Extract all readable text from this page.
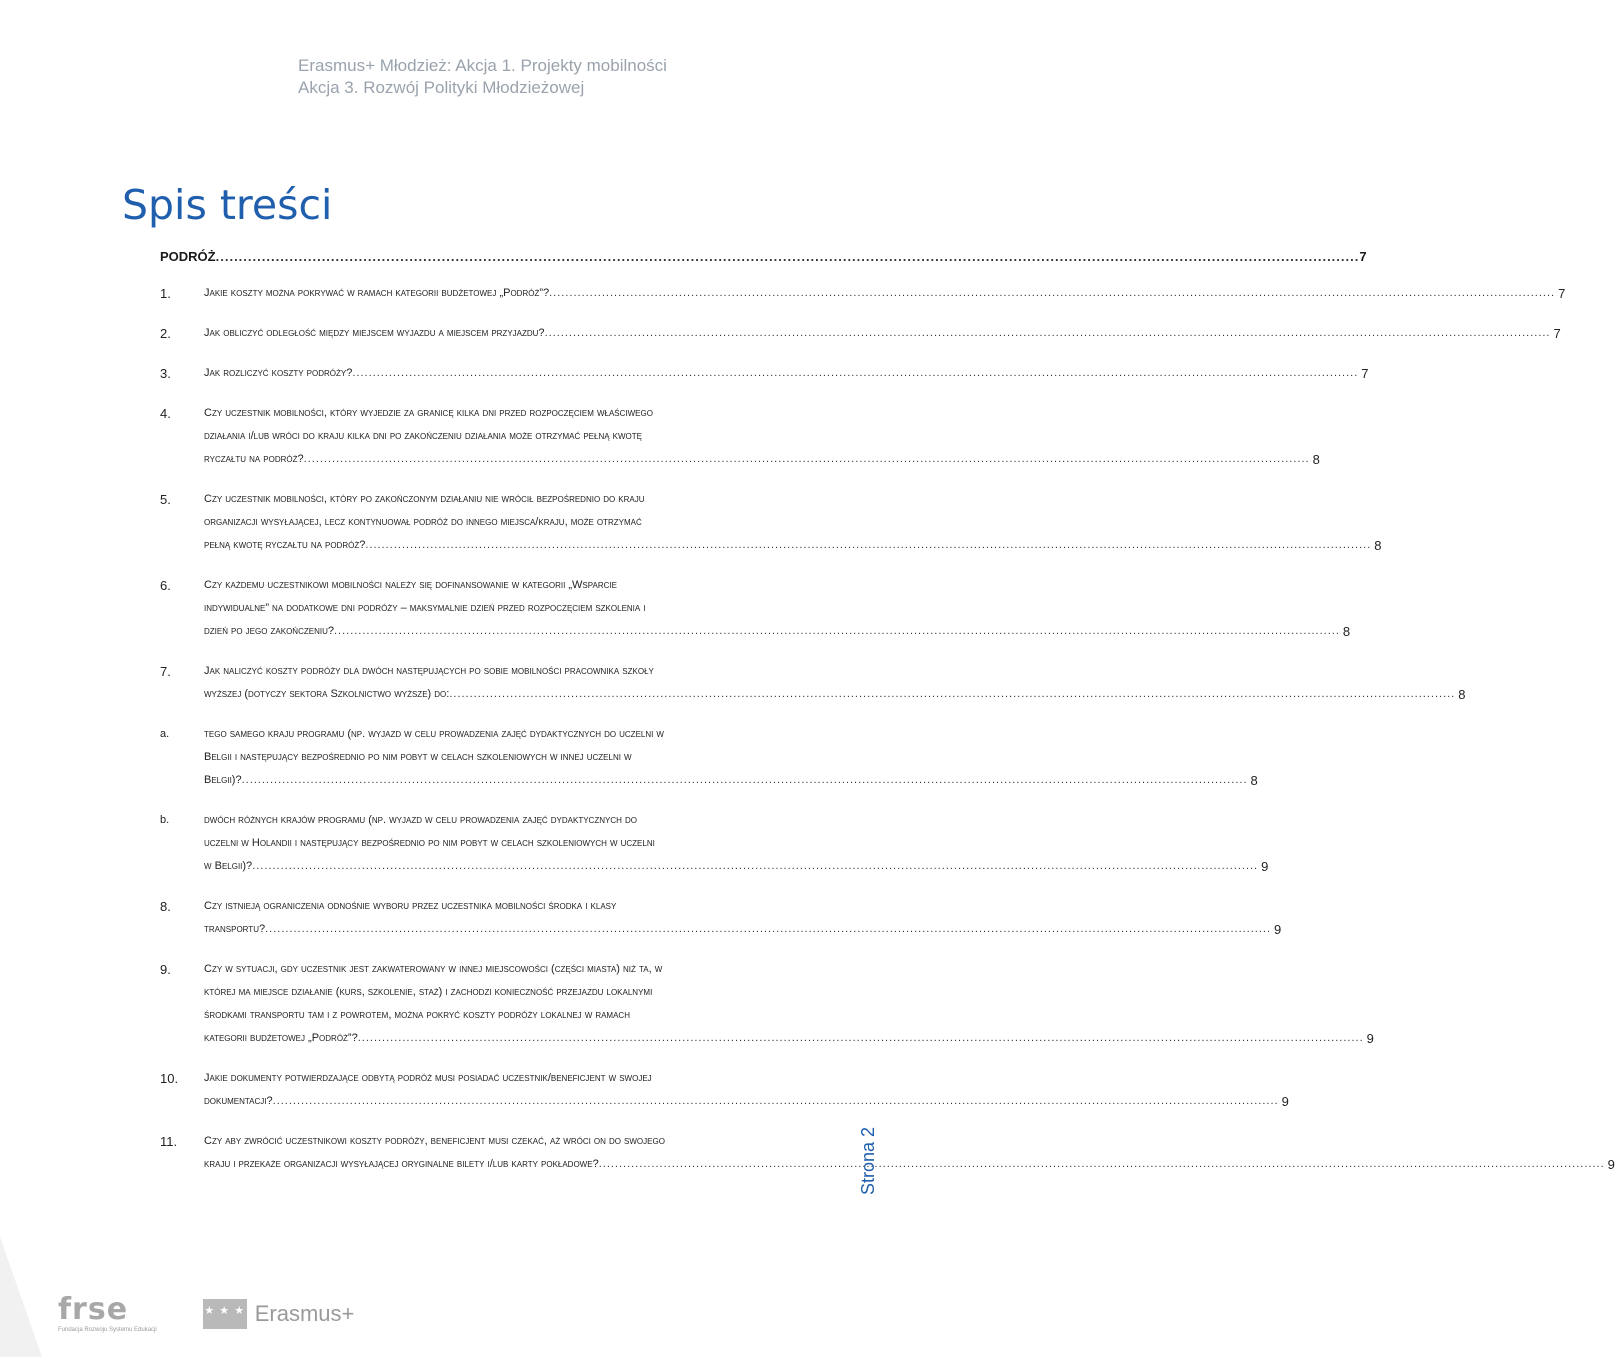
Erasmus+ Młodzież: Akcja 1. Projekty mobilności
Akcja 3. Rozwój Polityki Młodzieżowej
Spis treści
PODRÓŻ .....	7
1.	Jakie koszty można pokrywać w ramach kategorii budżetowej „Podróż”? .....	7
2.	Jak obliczyć odległość między miejscem wyjazdu a miejscem przyjazdu? .....	7
3.	Jak rozliczyć koszty podróży? .....	7
4.	Czy uczestnik mobilności, który wyjedzie za granicę kilka dni przed rozpoczęciem właściwego
działania i/lub wróci do kraju kilka dni po zakończeniu działania może otrzymać pełną kwotę
ryczałtu na podróż? .....	8
5.	Czy uczestnik mobilności, który po zakończonym działaniu nie wrócił bezpośrednio do kraju
organizacji wysyłającej, lecz kontynuował podróż do innego miejsca/kraju, może otrzymać
pełną kwotę ryczałtu na podróż? .....	8
6.	Czy każdemu uczestnikowi mobilności należy się dofinansowanie w kategorii „Wsparcie
indywidualne” na dodatkowe dni podróży – maksymalnie dzień przed rozpoczęciem szkolenia i
dzień po jego zakończeniu? .....	8
7.	Jak naliczyć koszty podróży dla dwóch następujących po sobie mobilności pracownika szkoły
wyższej (dotyczy sektora Szkolnictwo wyższe) do: .....	8
a.	tego samego kraju programu (np. wyjazd w celu prowadzenia zajęć dydaktycznych do uczelni w
Belgii i następujący bezpośrednio po nim pobyt w celach szkoleniowych w innej uczelni w
Belgii)? .....	8
b.	dwóch różnych krajów programu (np. wyjazd w celu prowadzenia zajęć dydaktycznych do
uczelni w Holandii i następujący bezpośrednio po nim pobyt w celach szkoleniowych w uczelni
w Belgii)? .....	9
8.	Czy istnieją ograniczenia odnośnie wyboru przez uczestnika mobilności środka i klasy
transportu? .....	9
9.	Czy w sytuacji, gdy uczestnik jest zakwaterowany w innej miejscowości (części miasta) niż ta, w
której ma miejsce działanie (kurs, szkolenie, staż) i zachodzi konieczność przejazdu lokalnymi
środkami transportu tam i z powrotem, można pokryć koszty podróży lokalnej w ramach
kategorii budżetowej „Podróż”? .....	9
10.	Jakie dokumenty potwierdzające odbytą podróż musi posiadać uczestnik/beneficjent w swojej
dokumentacji? .....	9
11.	Czy aby zwrócić uczestnikowi koszty podróży, beneficjent musi czekać, aż wróci on do swojego
kraju i przekaże organizacji wysyłającej oryginalne bilety i/lub karty pokładowe? .....	9
Strona 2
frse
Fundacja Rozwoju Systemu Edukacji
★ ★ ★ Erasmus+
